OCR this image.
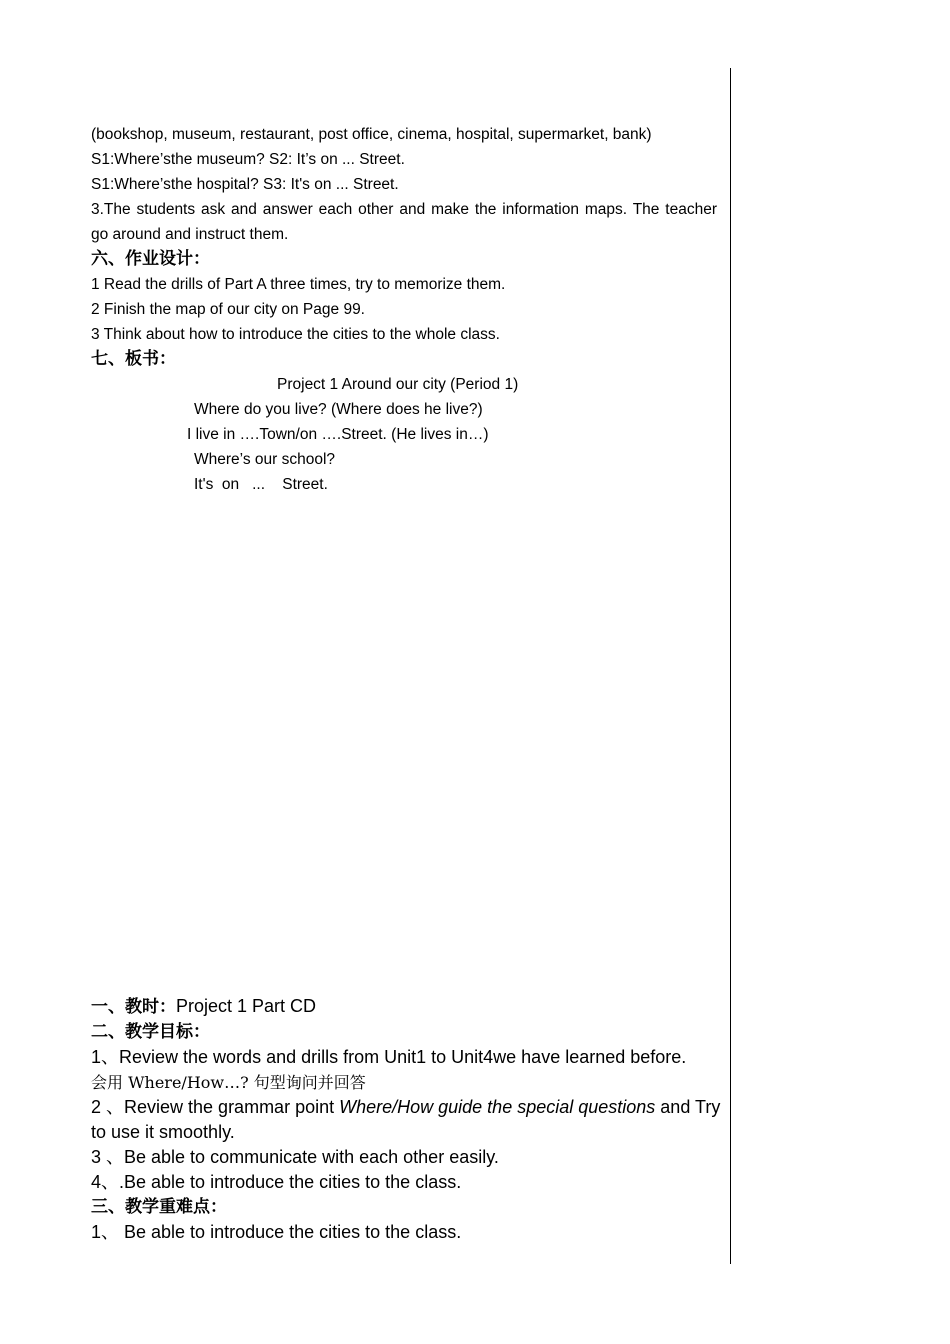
(bookshop, museum, restaurant, post office, cinema, hospital, supermarket, bank)
S1:Where’sthe museum? S2: It’s on ... Street.
S1:Where’sthe hospital? S3: It's on ... Street.
3.The students ask and answer each other and make the information maps. The teacher go around and instruct them.
六、作业设计：
1 Read the drills of Part A three times, try to memorize them.
2 Finish the map of our city on Page 99.
3 Think about how to introduce the cities to the whole class.
七、板书：
Project 1 Around our city (Period 1)
Where do you live? (Where does he live?)
I live in ….Town/on ….Street. (He lives in…)
Where’s our school?
It's  on   ...    Street.
一、教时：Project 1 Part CD
二、教学目标：
1、Review the words and drills from Unit1 to Unit4we have learned before.
会用 Where/How…? 句型询问并回答
2 、Review the grammar point Where/How guide the special questions and Try to use it smoothly.
3 、Be able to communicate with each other easily.
4、.Be able to introduce the cities to the class.
三、教学重难点：
1、 Be able to introduce the cities to the class.
